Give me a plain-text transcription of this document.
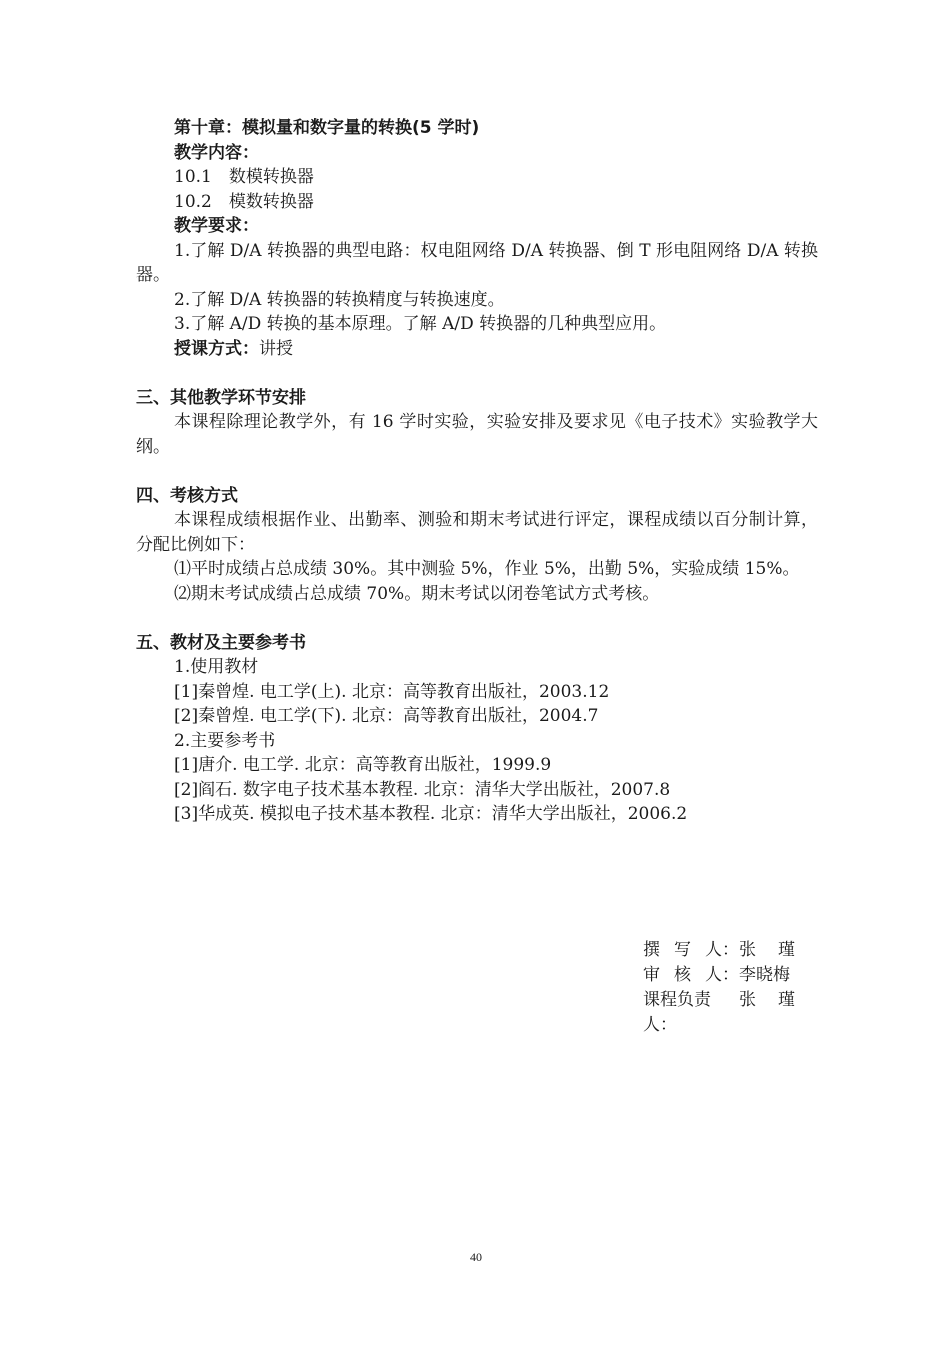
第十章：模拟量和数字量的转换(5 学时)
教学内容：
10.1　数模转换器
10.2　模数转换器
教学要求：
1.了解 D/A 转换器的典型电路：权电阻网络 D/A 转换器、倒 T 形电阻网络 D/A 转换器。
2.了解 D/A 转换器的转换精度与转换速度。
3.了解 A/D 转换的基本原理。了解 A/D 转换器的几种典型应用。
授课方式：讲授
三、其他教学环节安排
本课程除理论教学外，有 16 学时实验，实验安排及要求见《电子技术》实验教学大纲。
四、考核方式
本课程成绩根据作业、出勤率、测验和期末考试进行评定，课程成绩以百分制计算，分配比例如下：
⑴平时成绩占总成绩 30%。其中测验 5%，作业 5%，出勤 5%，实验成绩 15%。
⑵期末考试成绩占总成绩 70%。期末考试以闭卷笔试方式考核。
五、教材及主要参考书
1.使用教材
[1]秦曾煌. 电工学(上). 北京：高等教育出版社，2003.12
[2]秦曾煌. 电工学(下). 北京：高等教育出版社，2004.7
2.主要参考书
[1]唐介. 电工学. 北京：高等教育出版社，1999.9
[2]阎石. 数字电子技术基本教程. 北京：清华大学出版社，2007.8
[3]华成英. 模拟电子技术基本教程. 北京：清华大学出版社，2006.2
撰 写 人： 张 瑾
审 核 人： 李晓梅
课程负责人：
张 瑾
40
